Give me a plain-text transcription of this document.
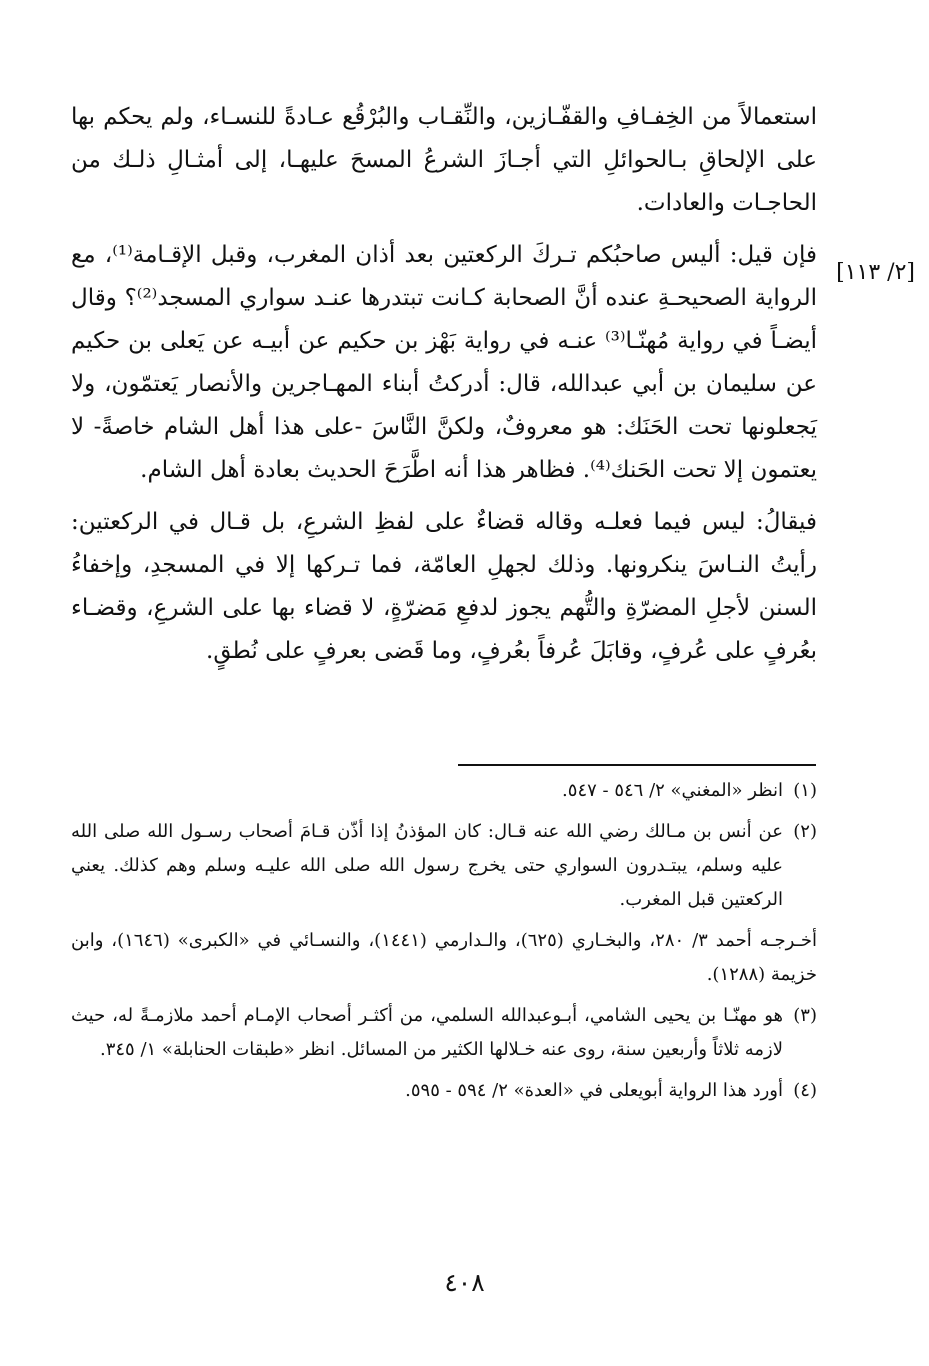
[٢/ ١١٣]

استعمالاً من الخِفـافِ والقفّـازين، والنِّقـاب والبُرْقُع عـادةً للنسـاء، ولم يحكم بها على الإلحاقِ بـالحوائلِ التي أجـازَ الشرعُ المسحَ عليهـا، إلى أمثـالِ ذلـك من الحاجـات والعادات.

فإن قيل: أليس صاحبُكم تـركَ الركعتين بعد أذان المغرب، وقبل الإقـامة⁽¹⁾، مع الرواية الصحيحـةِ عنده أنَّ الصحابة كـانت تبتدرها عنـد سواري المسجد⁽²⁾؟ وقال أيضـاً في رواية مُهنّـا⁽³⁾ عنـه في رواية بَهْز بن حكيم عن أبيـه عن يَعلى بن حكيم عن سليمان بن أبي عبدالله، قال: أدركتُ أبناء المهـاجرين والأنصار يَعتمّون، ولا يَجعلونها تحت الحَنَك: هو معروفٌ، ولكنَّ النَّاسَ -على هذا أهل الشام خاصةً- لا يعتمون إلا تحت الحَنك⁽⁴⁾. فظاهر هذا أنه اطَّرَحَ الحديث بعادة أهل الشام.

فيقالُ: ليس فيما فعلـه وقاله قضاءٌ على لفظِ الشرعِ، بل قـال في الركعتين: رأيتُ النـاسَ ينكرونها. وذلك لجهلِ العامّة، فما تـركها إلا في المسجدِ، وإخفاءُ السنن لأجلِ المضرّةِ والتُّهم يجوز لدفعِ مَضرّةٍ، لا قضاء بها على الشرعِ، وقضـاء بعُرفٍ على عُرفٍ، وقابَلَ عُرفاً بعُرفٍ، وما قَضى بعرفٍ على نُطقٍ.

(١)
انظر «المغني» ٢/ ٥٤٦ - ٥٤٧.
(٢)
عن أنس بن مـالك رضي الله عنه قـال: كان المؤذنُ إذا أذّن قـامَ أصحاب رسـول الله صلى الله عليه وسلم، يبتـدرون السواري حتى يخرج رسول الله صلى الله عليـه وسلم وهم كذلك. يعني الركعتين قبل المغرب.
أخـرجـه أحمد ٣/ ٢٨٠، والبخـاري (٦٢٥)، والـدارمي (١٤٤١)، والنسـائي في «الكبرى» (١٦٤٦)، وابن خزيمة (١٢٨٨).
(٣)
هو مهنّـا بن يحيى الشامي، أبـوعبدالله السلمي، من أكثـر أصحاب الإمـام أحمد ملازمـةً له، حيث لازمه ثلاثاً وأربعين سنة، روى عنه خـلالها الكثير من المسائل. انظر «طبقات الحنابلة» ١/ ٣٤٥.
(٤)
أورد هذا الرواية أبويعلى في «العدة» ٢/ ٥٩٤ - ٥٩٥.
٤٠٨
